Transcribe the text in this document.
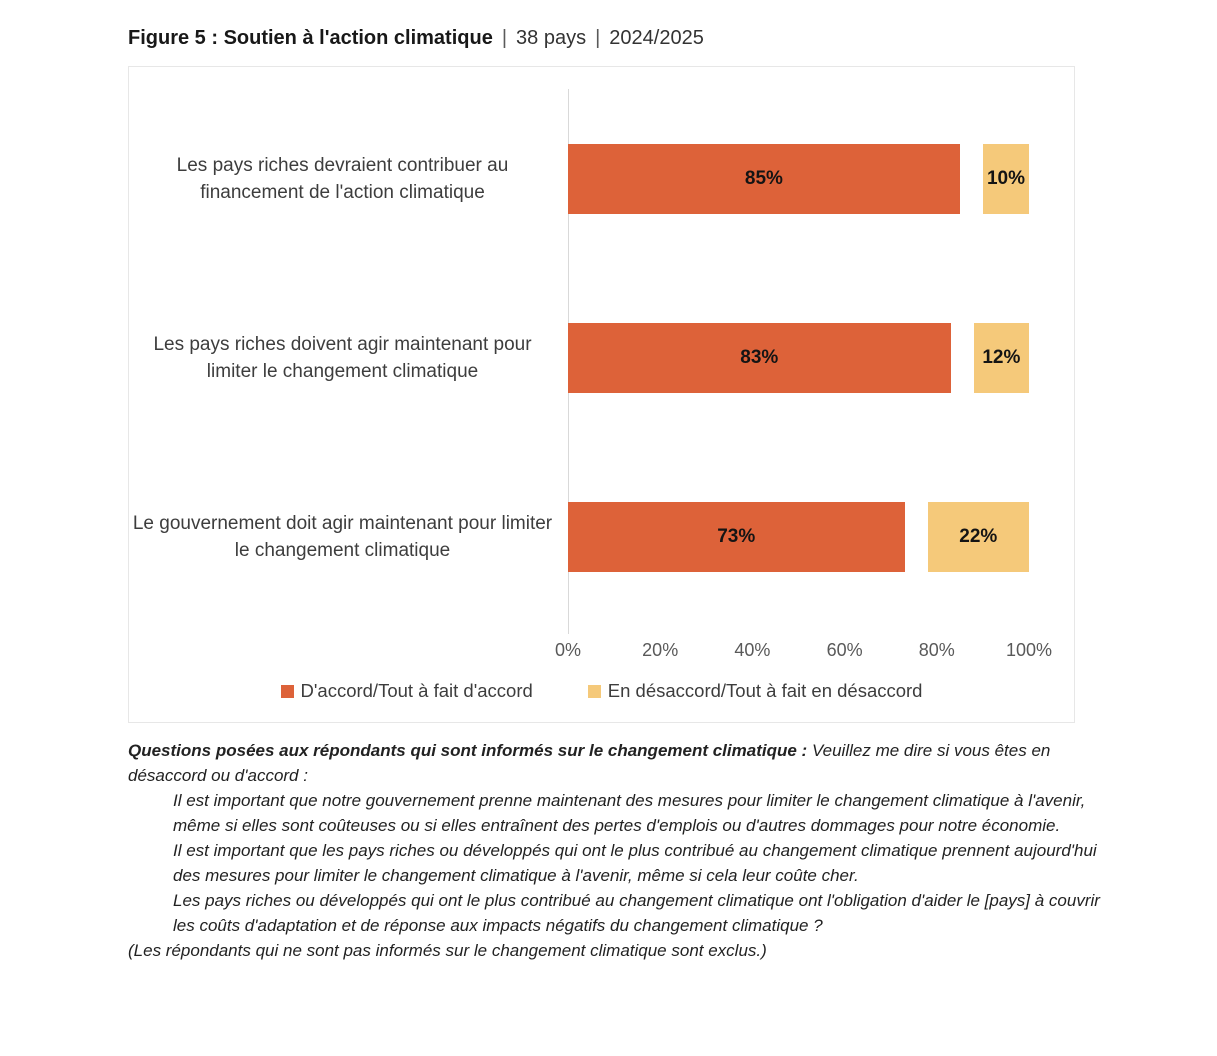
Figure 5 : Soutien à l'action climatique | 38 pays | 2024/2025
Les pays riches devraient contribuer au financement de l'action climatique
85%	10%
Les pays riches doivent agir maintenant pour limiter le changement climatique
83%	12%
Le gouvernement doit agir maintenant pour limiter le changement climatique
73%	22%
0%	20%	40%	60%	80%	100%
D'accord/Tout à fait d'accord	En désaccord/Tout à fait en désaccord

Questions posées aux répondants qui sont informés sur le changement climatique : Veuillez me dire si vous êtes en désaccord ou d'accord :

Il est important que notre gouvernement prenne maintenant des mesures pour limiter le changement climatique à l'avenir, même si elles sont coûteuses ou si elles entraînent des pertes d'emplois ou d'autres dommages pour notre économie.

Il est important que les pays riches ou développés qui ont le plus contribué au changement climatique prennent aujourd'hui des mesures pour limiter le changement climatique à l'avenir, même si cela leur coûte cher.

Les pays riches ou développés qui ont le plus contribué au changement climatique ont l'obligation d'aider le [pays] à couvrir les coûts d'adaptation et de réponse aux impacts négatifs du changement climatique ?

(Les répondants qui ne sont pas informés sur le changement climatique sont exclus.)
